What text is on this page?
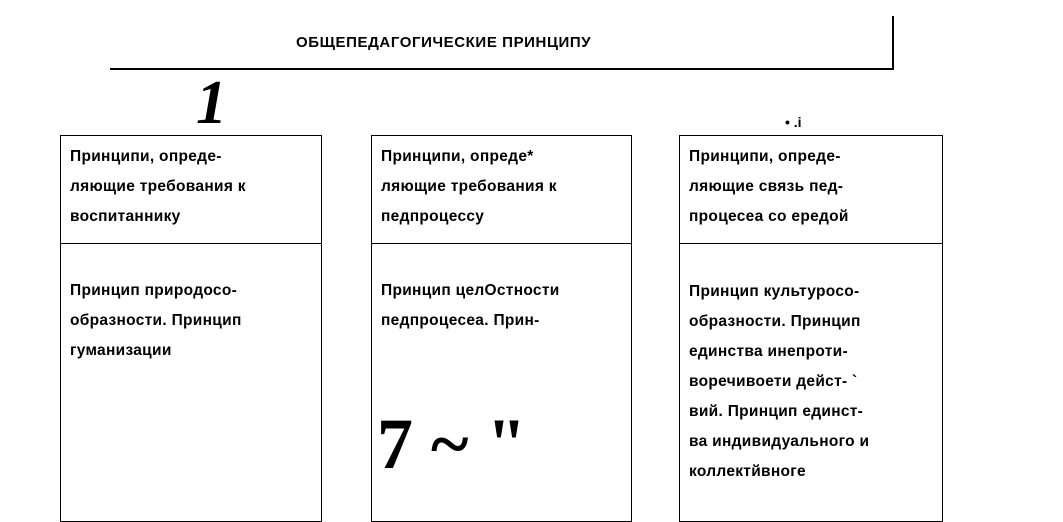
ОБЩЕПЕДАГОГИЧЕСКИЕ ПРИНЦИПУ
1	• .i
Принципи, опреде-
ляющие требования к
воспитаннику
Принцип природосо-
образности. Принцип
гуманизации
Принципи, опреде*
ляющие требования к
педпроцессу
Принцип целОстности
педпроцесеа. Прин-
Принципи, опреде-
ляющие связь пед-
процесеа со ередой
Принцип культуросо-
образности. Принцип
единства инепроти-
воречивоети дейст- `
вий. Принцип единст-
ва индивидуального и
коллектйвноге
7 ~ "
